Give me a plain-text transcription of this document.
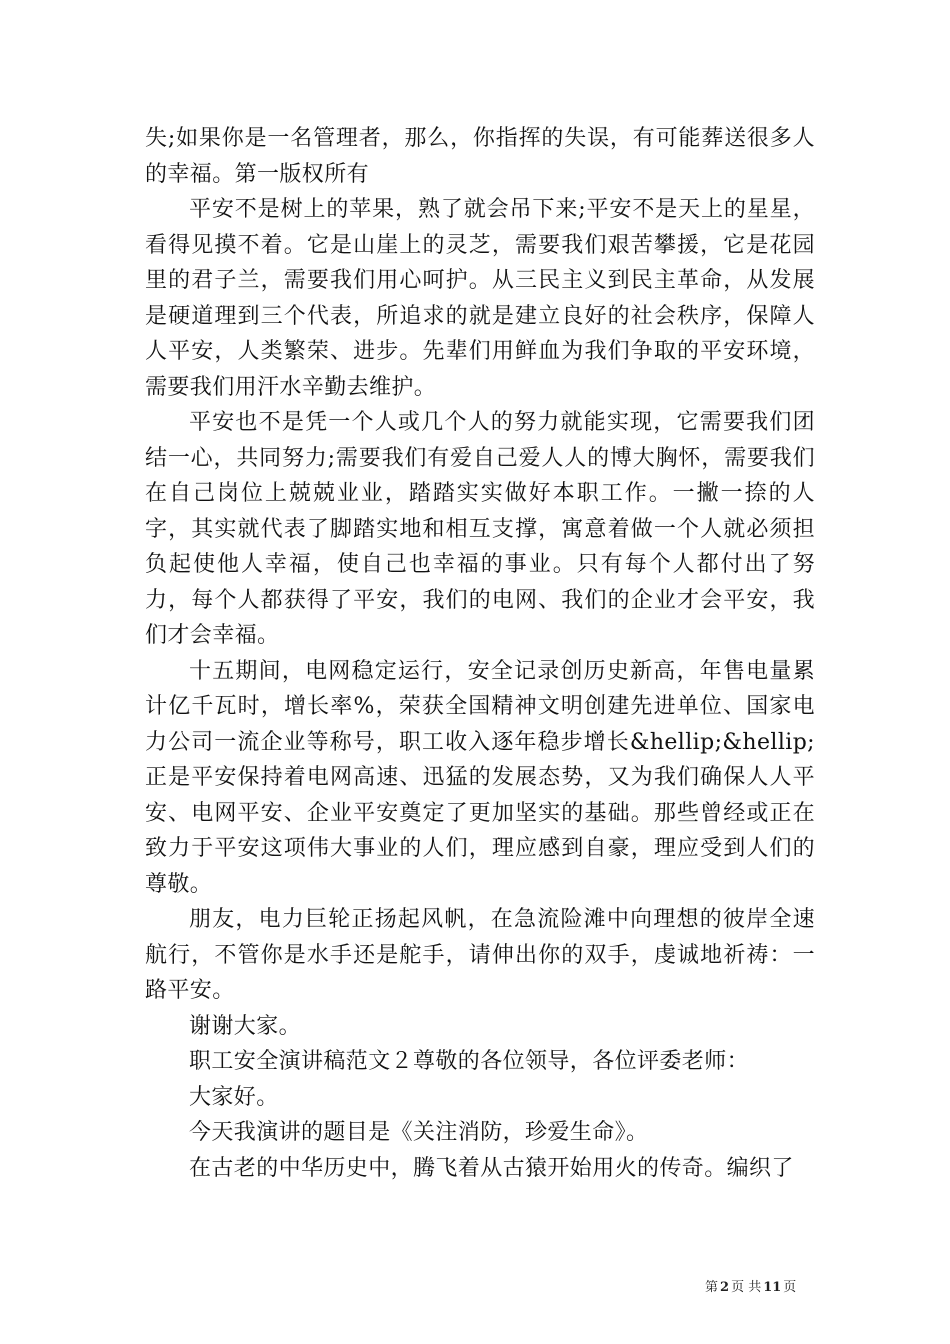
失;如果你是一名管理者，那么，你指挥的失误，有可能葬送很多人的幸福。第一版权所有

平安不是树上的苹果，熟了就会吊下来;平安不是天上的星星，看得见摸不着。它是山崖上的灵芝，需要我们艰苦攀援，它是花园里的君子兰，需要我们用心呵护。从三民主义到民主革命，从发展是硬道理到三个代表，所追求的就是建立良好的社会秩序，保障人人平安，人类繁荣、进步。先辈们用鲜血为我们争取的平安环境，需要我们用汗水辛勤去维护。

平安也不是凭一个人或几个人的努力就能实现，它需要我们团结一心，共同努力;需要我们有爱自己爱人人的博大胸怀，需要我们在自己岗位上兢兢业业，踏踏实实做好本职工作。一撇一捺的人字，其实就代表了脚踏实地和相互支撑，寓意着做一个人就必须担负起使他人幸福，使自己也幸福的事业。只有每个人都付出了努力，每个人都获得了平安，我们的电网、我们的企业才会平安，我们才会幸福。

十五期间，电网稳定运行，安全记录创历史新高，年售电量累计亿千瓦时，增长率%，荣获全国精神文明创建先进单位、国家电力公司一流企业等称号，职工收入逐年稳步增长&hellip;&hellip;正是平安保持着电网高速、迅猛的发展态势，又为我们确保人人平安、电网平安、企业平安奠定了更加坚实的基础。那些曾经或正在致力于平安这项伟大事业的人们，理应感到自豪，理应受到人们的尊敬。

朋友，电力巨轮正扬起风帆，在急流险滩中向理想的彼岸全速航行，不管你是水手还是舵手，请伸出你的双手，虔诚地祈祷：一路平安。

谢谢大家。

职工安全演讲稿范文２尊敬的各位领导，各位评委老师：

大家好。

今天我演讲的题目是《关注消防，珍爱生命》。

在古老的中华历史中，腾飞着从古猿开始用火的传奇。编织了

第 2 页 共 11 页
